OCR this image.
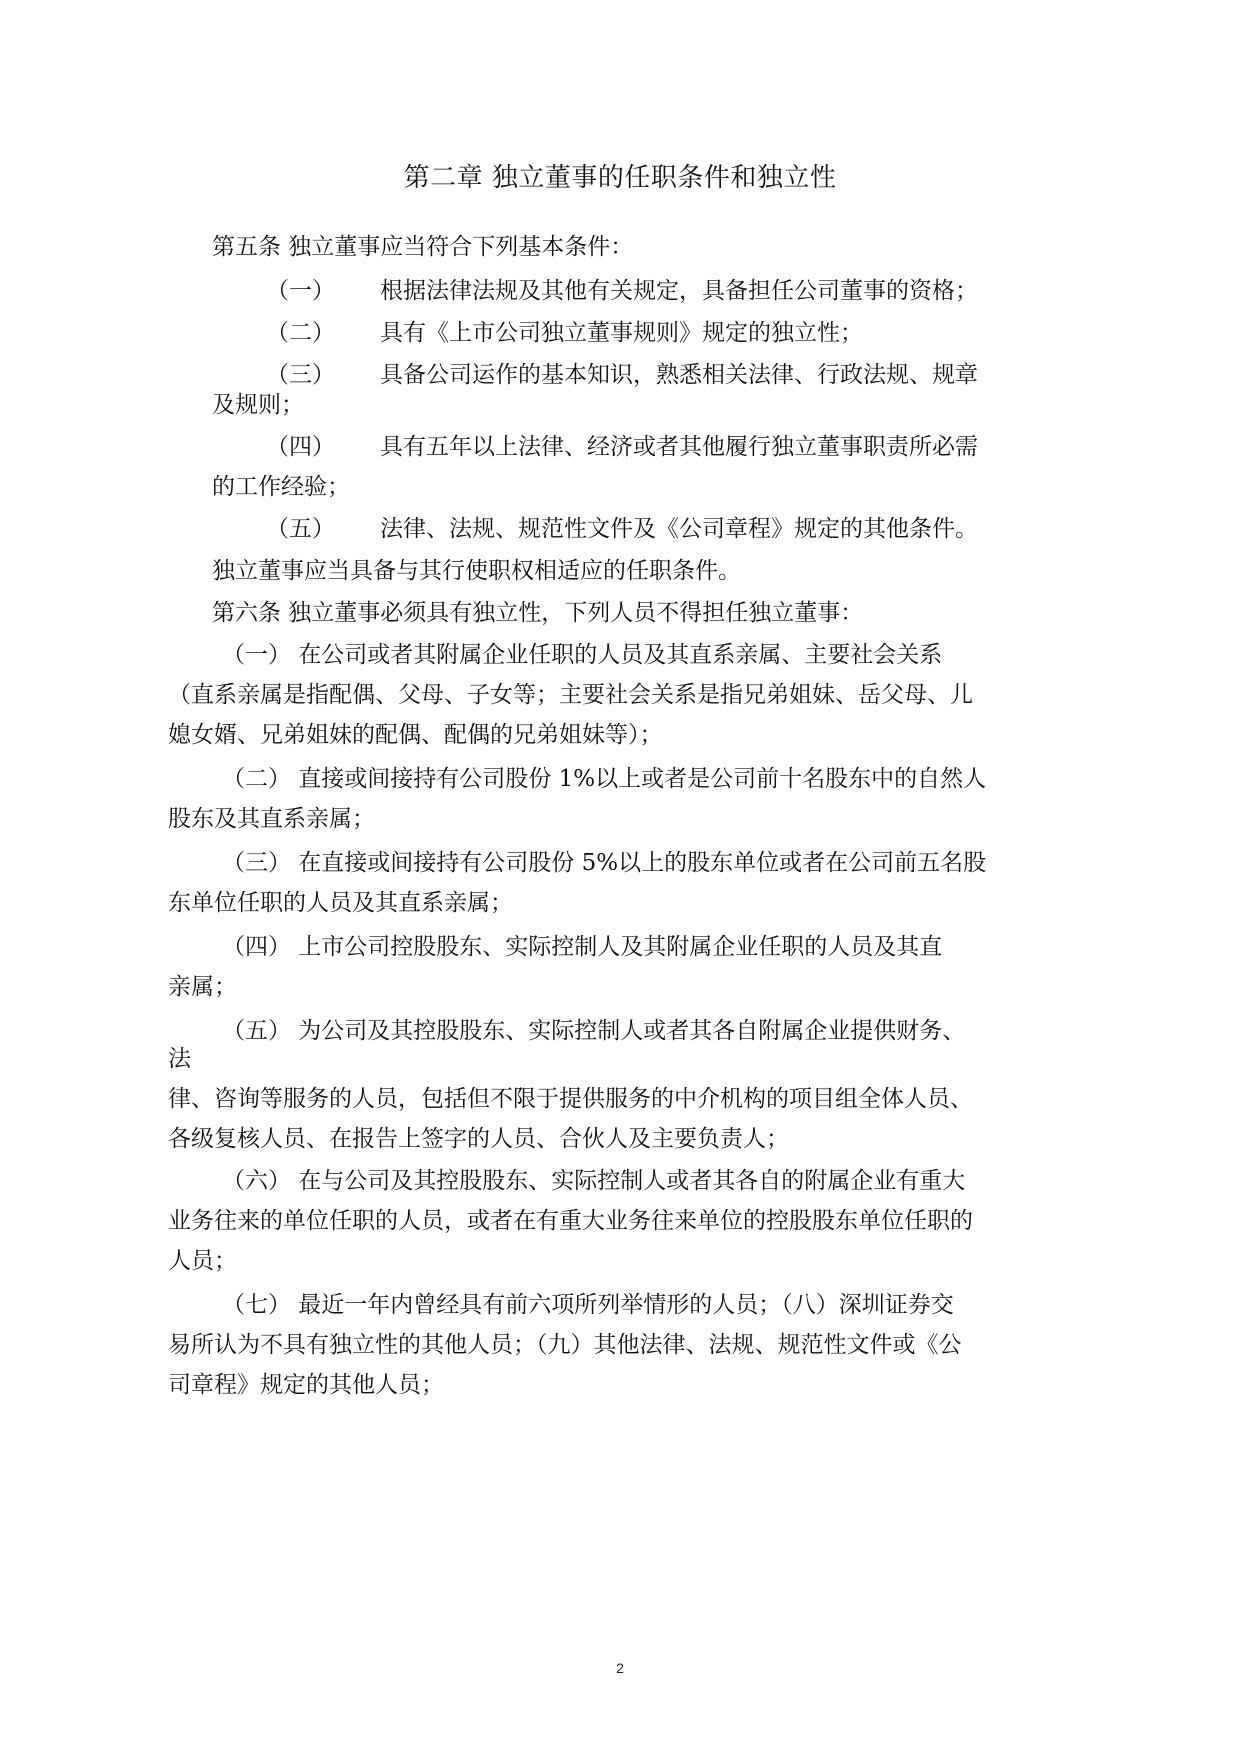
第二章 独立董事的任职条件和独立性
第五条 独立董事应当符合下列基本条件：
（一） 根据法律法规及其他有关规定，具备担任公司董事的资格；
（二） 具有《上市公司独立董事规则》规定的独立性；
（三） 具备公司运作的基本知识，熟悉相关法律、行政法规、规章
及规则；
（四） 具有五年以上法律、经济或者其他履行独立董事职责所必需
的工作经验；
（五） 法律、法规、规范性文件及《公司章程》规定的其他条件。
独立董事应当具备与其行使职权相适应的任职条件。
第六条 独立董事必须具有独立性，下列人员不得担任独立董事：
（一） 在公司或者其附属企业任职的人员及其直系亲属、主要社会关系
（直系亲属是指配偶、父母、子女等；主要社会关系是指兄弟姐妹、岳父母、儿
媳女婿、兄弟姐妹的配偶、配偶的兄弟姐妹等）；
（二） 直接或间接持有公司股份 1%以上或者是公司前十名股东中的自然人
股东及其直系亲属；
（三） 在直接或间接持有公司股份 5%以上的股东单位或者在公司前五名股
东单位任职的人员及其直系亲属；
（四） 上市公司控股股东、实际控制人及其附属企业任职的人员及其直
亲属；
（五） 为公司及其控股股东、实际控制人或者其各自附属企业提供财务、
法
律、咨询等服务的人员，包括但不限于提供服务的中介机构的项目组全体人员、
各级复核人员、在报告上签字的人员、合伙人及主要负责人；
（六） 在与公司及其控股股东、实际控制人或者其各自的附属企业有重大
业务往来的单位任职的人员，或者在有重大业务往来单位的控股股东单位任职的
人员；
（七） 最近一年内曾经具有前六项所列举情形的人员；（八）深圳证券交
易所认为不具有独立性的其他人员；（九）其他法律、法规、规范性文件或《公
司章程》规定的其他人员；
2
